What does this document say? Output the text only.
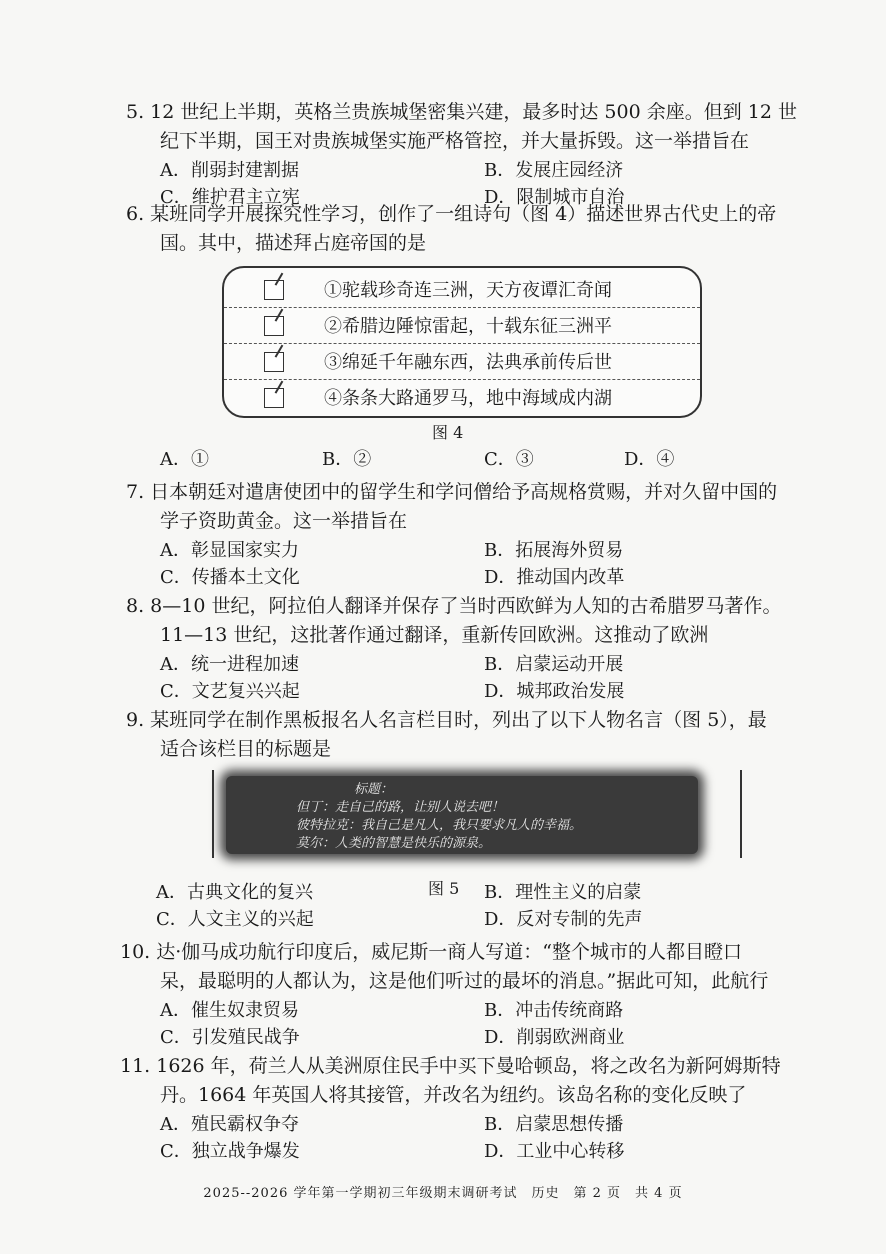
5. 12 世纪上半期，英格兰贵族城堡密集兴建，最多时达 500 余座。但到 12 世
纪下半期，国王对贵族城堡实施严格管控，并大量拆毁。这一举措旨在
A．削弱封建割据	B．发展庄园经济
C．维护君主立宪	D．限制城市自治
6. 某班同学开展探究性学习，创作了一组诗句（图 4）描述世界古代史上的帝
国。其中，描述拜占庭帝国的是
①驼载珍奇连三洲，天方夜谭汇奇闻
②希腊边陲惊雷起，十载东征三洲平
③绵延千年融东西，法典承前传后世
④条条大路通罗马，地中海域成内湖
图 4
A．①	B．②	C．③	D．④
7. 日本朝廷对遣唐使团中的留学生和学问僧给予高规格赏赐，并对久留中国的
学子资助黄金。这一举措旨在
A．彰显国家实力	B．拓展海外贸易
C．传播本土文化	D．推动国内改革
8. 8—10 世纪，阿拉伯人翻译并保存了当时西欧鲜为人知的古希腊罗马著作。
11—13 世纪，这批著作通过翻译，重新传回欧洲。这推动了欧洲
A．统一进程加速	B．启蒙运动开展
C．文艺复兴兴起	D．城邦政治发展
9. 某班同学在制作黑板报名人名言栏目时，列出了以下人物名言（图 5），最
适合该栏目的标题是
标题：
但丁：走自己的路，让别人说去吧！
彼特拉克：我自己是凡人，我只要求凡人的幸福。
莫尔：人类的智慧是快乐的源泉。
A．古典文化的复兴	B．理性主义的启蒙
C．人文主义的兴起	D．反对专制的先声
图 5
10. 达·伽马成功航行印度后，威尼斯一商人写道：“整个城市的人都目瞪口
呆，最聪明的人都认为，这是他们听过的最坏的消息。”据此可知，此航行
A．催生奴隶贸易	B．冲击传统商路
C．引发殖民战争	D．削弱欧洲商业
11. 1626 年，荷兰人从美洲原住民手中买下曼哈顿岛，将之改名为新阿姆斯特
丹。1664 年英国人将其接管，并改名为纽约。该岛名称的变化反映了
A．殖民霸权争夺	B．启蒙思想传播
C．独立战争爆发	D．工业中心转移
2025--2026 学年第一学期初三年级期末调研考试　历史　第 2 页　共 4 页
